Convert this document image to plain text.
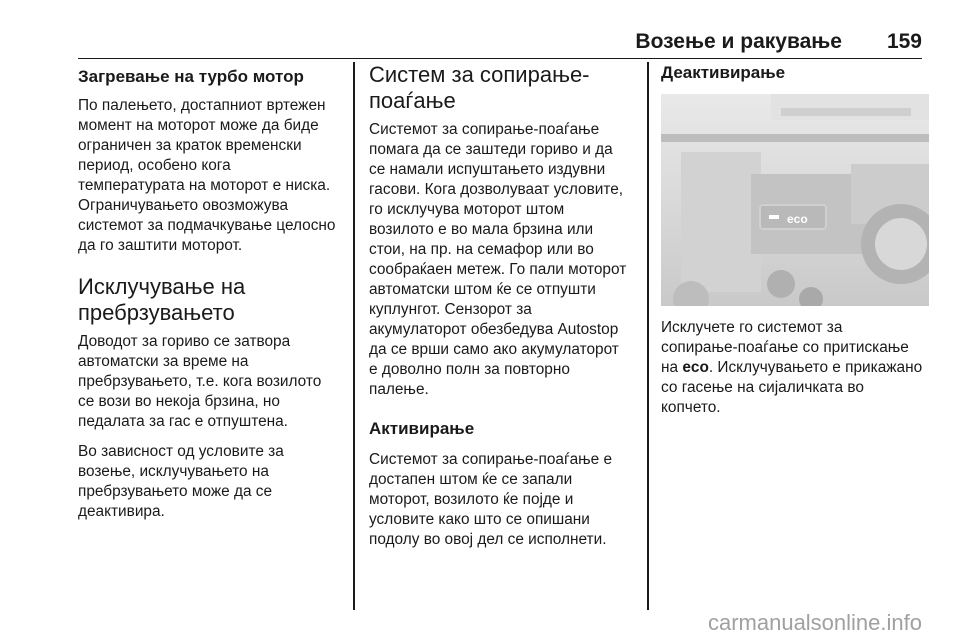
Возење и ракување 159
Загревање на турбо мотор

По палењето, достапниот вртежен момент на моторот може да биде ограничен за краток временски период, особено кога температурата на моторот е ниска. Ограничувањето овозможува системот за подмачкување целосно да го заштити моторот.

Исклучување на пребрзувањето

Доводот за гориво се затвора автоматски за време на пребрзувањето, т.е. кога возилото се вози во некоја брзина, но педалата за гас е отпуштена.

Во зависност од условите за возење, исклучувањето на пребрзувањето може да се деактивира.

Систем за сопирање-поаѓање

Системот за сопирање-поаѓање помага да се заштеди гориво и да се намали испуштањето издувни гасови. Кога дозволуваат условите, го исклучува моторот штом возилото е во мала брзина или стои, на пр. на семафор или во сообраќаен метеж. Го пали моторот автоматски штом ќе се отпушти куплунгот. Сензорот за акумулаторот обезбедува Autostop да се врши само ако акумулаторот е доволно полн за повторно палење.

Активирање

Системот за сопирање-поаѓање е достапен штом ќе се запали моторот, возилото ќе појде и условите како што се опишани подолу во овој дел се исполнети.

Деактивирање
eco

Исклучете го системот за сопирање-поаѓање со притискање на eco. Исклучувањето е прикажано со гасење на сијаличката во копчето.

carmanualsonline.info
